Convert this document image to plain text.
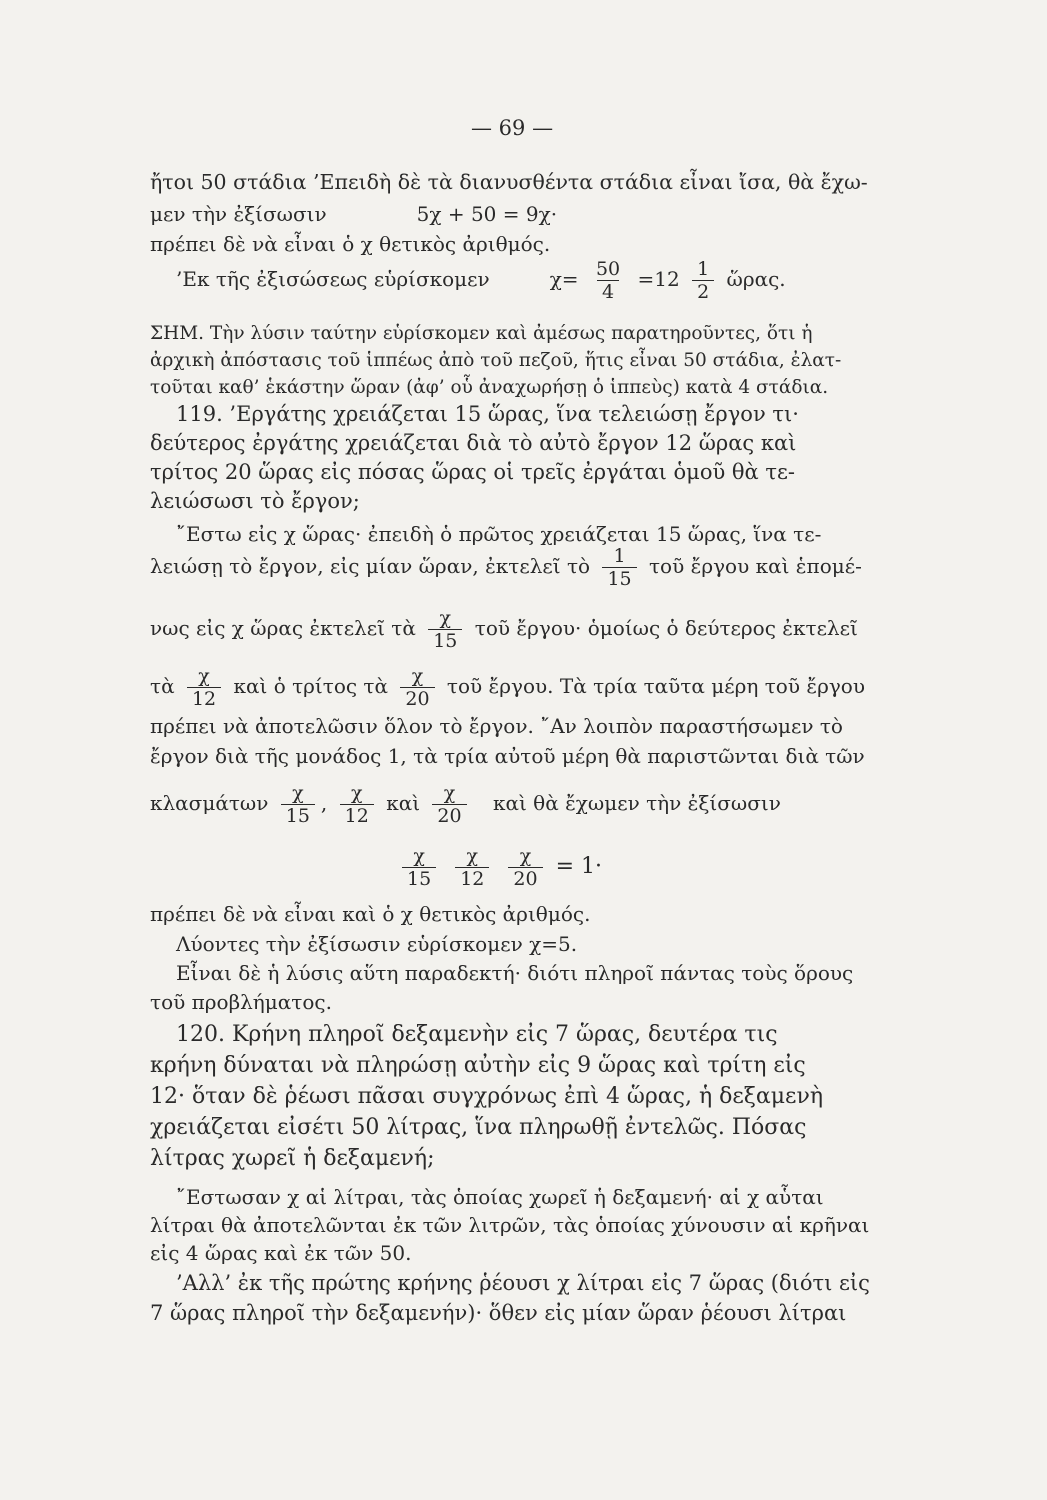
— 69 —
ἤτοι 50 στάδια ’Επειδὴ δὲ τὰ διανυσθέντα στάδια εἶναι ἴσα, θὰ ἔχω-
μεν τὴν ἐξίσωσιν	5χ + 50 = 9χ·
πρέπει δὲ νὰ εἶναι ὁ χ θετικὸς ἀριθμός.
’Εκ τῆς ἐξισώσεως εὑρίσκομεν	$\chi= \frac{50}{4} =12 \frac{1}{2}$ ὥρας.
ΣΗΜ. Τὴν λύσιν ταύτην εὑρίσκομεν καὶ ἀμέσως παρατηροῦντες, ὅτι ἡ
ἀρχικὴ ἀπόστασις τοῦ ἱππέως ἀπὸ τοῦ πεζοῦ, ἥτις εἶναι 50 στάδια, ἐλατ-
τοῦται καθ’ ἑκάστην ὥραν (ἀφ’ οὗ ἀναχωρήσῃ ὁ ἱππεὺς) κατὰ 4 στάδια.
119. ’Εργάτης χρειάζεται 15 ὥρας, ἵνα τελειώσῃ ἔργον τι·
δεύτερος ἐργάτης χρειάζεται διὰ τὸ αὐτὸ ἔργον 12 ὥρας καὶ
τρίτος 20 ὥρας εἰς πόσας ὥρας οἱ τρεῖς ἐργάται ὁμοῦ θὰ τε-
λειώσωσι τὸ ἔργον;
῎Εστω εἰς χ ὥρας· ἐπειδὴ ὁ πρῶτος χρειάζεται 15 ὥρας, ἵνα τε-
λειώσῃ τὸ ἔργον, εἰς μίαν ὥραν, ἐκτελεῖ τὸ $\frac{1}{15}$ τοῦ ἔργου καὶ ἑπομέ-
νως εἰς χ ὥρας ἐκτελεῖ τὰ $\frac{\chi}{15}$ τοῦ ἔργου· ὁμοίως ὁ δεύτερος ἐκτελεῖ
τὰ $\frac{\chi}{12}$ καὶ ὁ τρίτος τὰ $\frac{\chi}{20}$ τοῦ ἔργου. Τὰ τρία ταῦτα μέρη τοῦ ἔργου
πρέπει νὰ ἀποτελῶσιν ὅλον τὸ ἔργον. ῎Αν λοιπὸν παραστήσωμεν τὸ
ἔργον διὰ τῆς μονάδος 1, τὰ τρία αὐτοῦ μέρη θὰ παριστῶνται διὰ τῶν
κλασμάτων $\frac{\chi}{15}$ , $\frac{\chi}{12}$ καὶ $\frac{\chi}{20}$ καὶ θὰ ἔχωμεν τὴν ἐξίσωσιν
$\frac{\chi}{15}$
$\frac{\chi}{12}$
$\frac{\chi}{20} = 1\cdot$
πρέπει δὲ νὰ εἶναι καὶ ὁ χ θετικὸς ἀριθμός.
Λύοντες τὴν ἐξίσωσιν εὑρίσκομεν χ=5.
Εἶναι δὲ ἡ λύσις αὕτη παραδεκτή· διότι πληροῖ πάντας τοὺς ὅρους
τοῦ προβλήματος.
120. Κρήνη πληροῖ δεξαμενὴν εἰς 7 ὥρας, δευτέρα τις
κρήνη δύναται νὰ πληρώσῃ αὐτὴν εἰς 9 ὥρας καὶ τρίτη εἰς
12· ὅταν δὲ ῥέωσι πᾶσαι συγχρόνως ἐπὶ 4 ὥρας, ἡ δεξαμενὴ
χρειάζεται εἰσέτι 50 λίτρας, ἵνα πληρωθῇ ἐντελῶς. Πόσας
λίτρας χωρεῖ ἡ δεξαμενή;
῎Εστωσαν χ αἱ λίτραι, τὰς ὁποίας χωρεῖ ἡ δεξαμενή· αἱ χ αὗται
λίτραι θὰ ἀποτελῶνται ἐκ τῶν λιτρῶν, τὰς ὁποίας χύνουσιν αἱ κρῆναι
εἰς 4 ὥρας καὶ ἐκ τῶν 50.
’Αλλ’ ἐκ τῆς πρώτης κρήνης ῥέουσι χ λίτραι εἰς 7 ὥρας (διότι εἰς
7 ὥρας πληροῖ τὴν δεξαμενήν)· ὅθεν εἰς μίαν ὥραν ῥέουσι λίτραι
